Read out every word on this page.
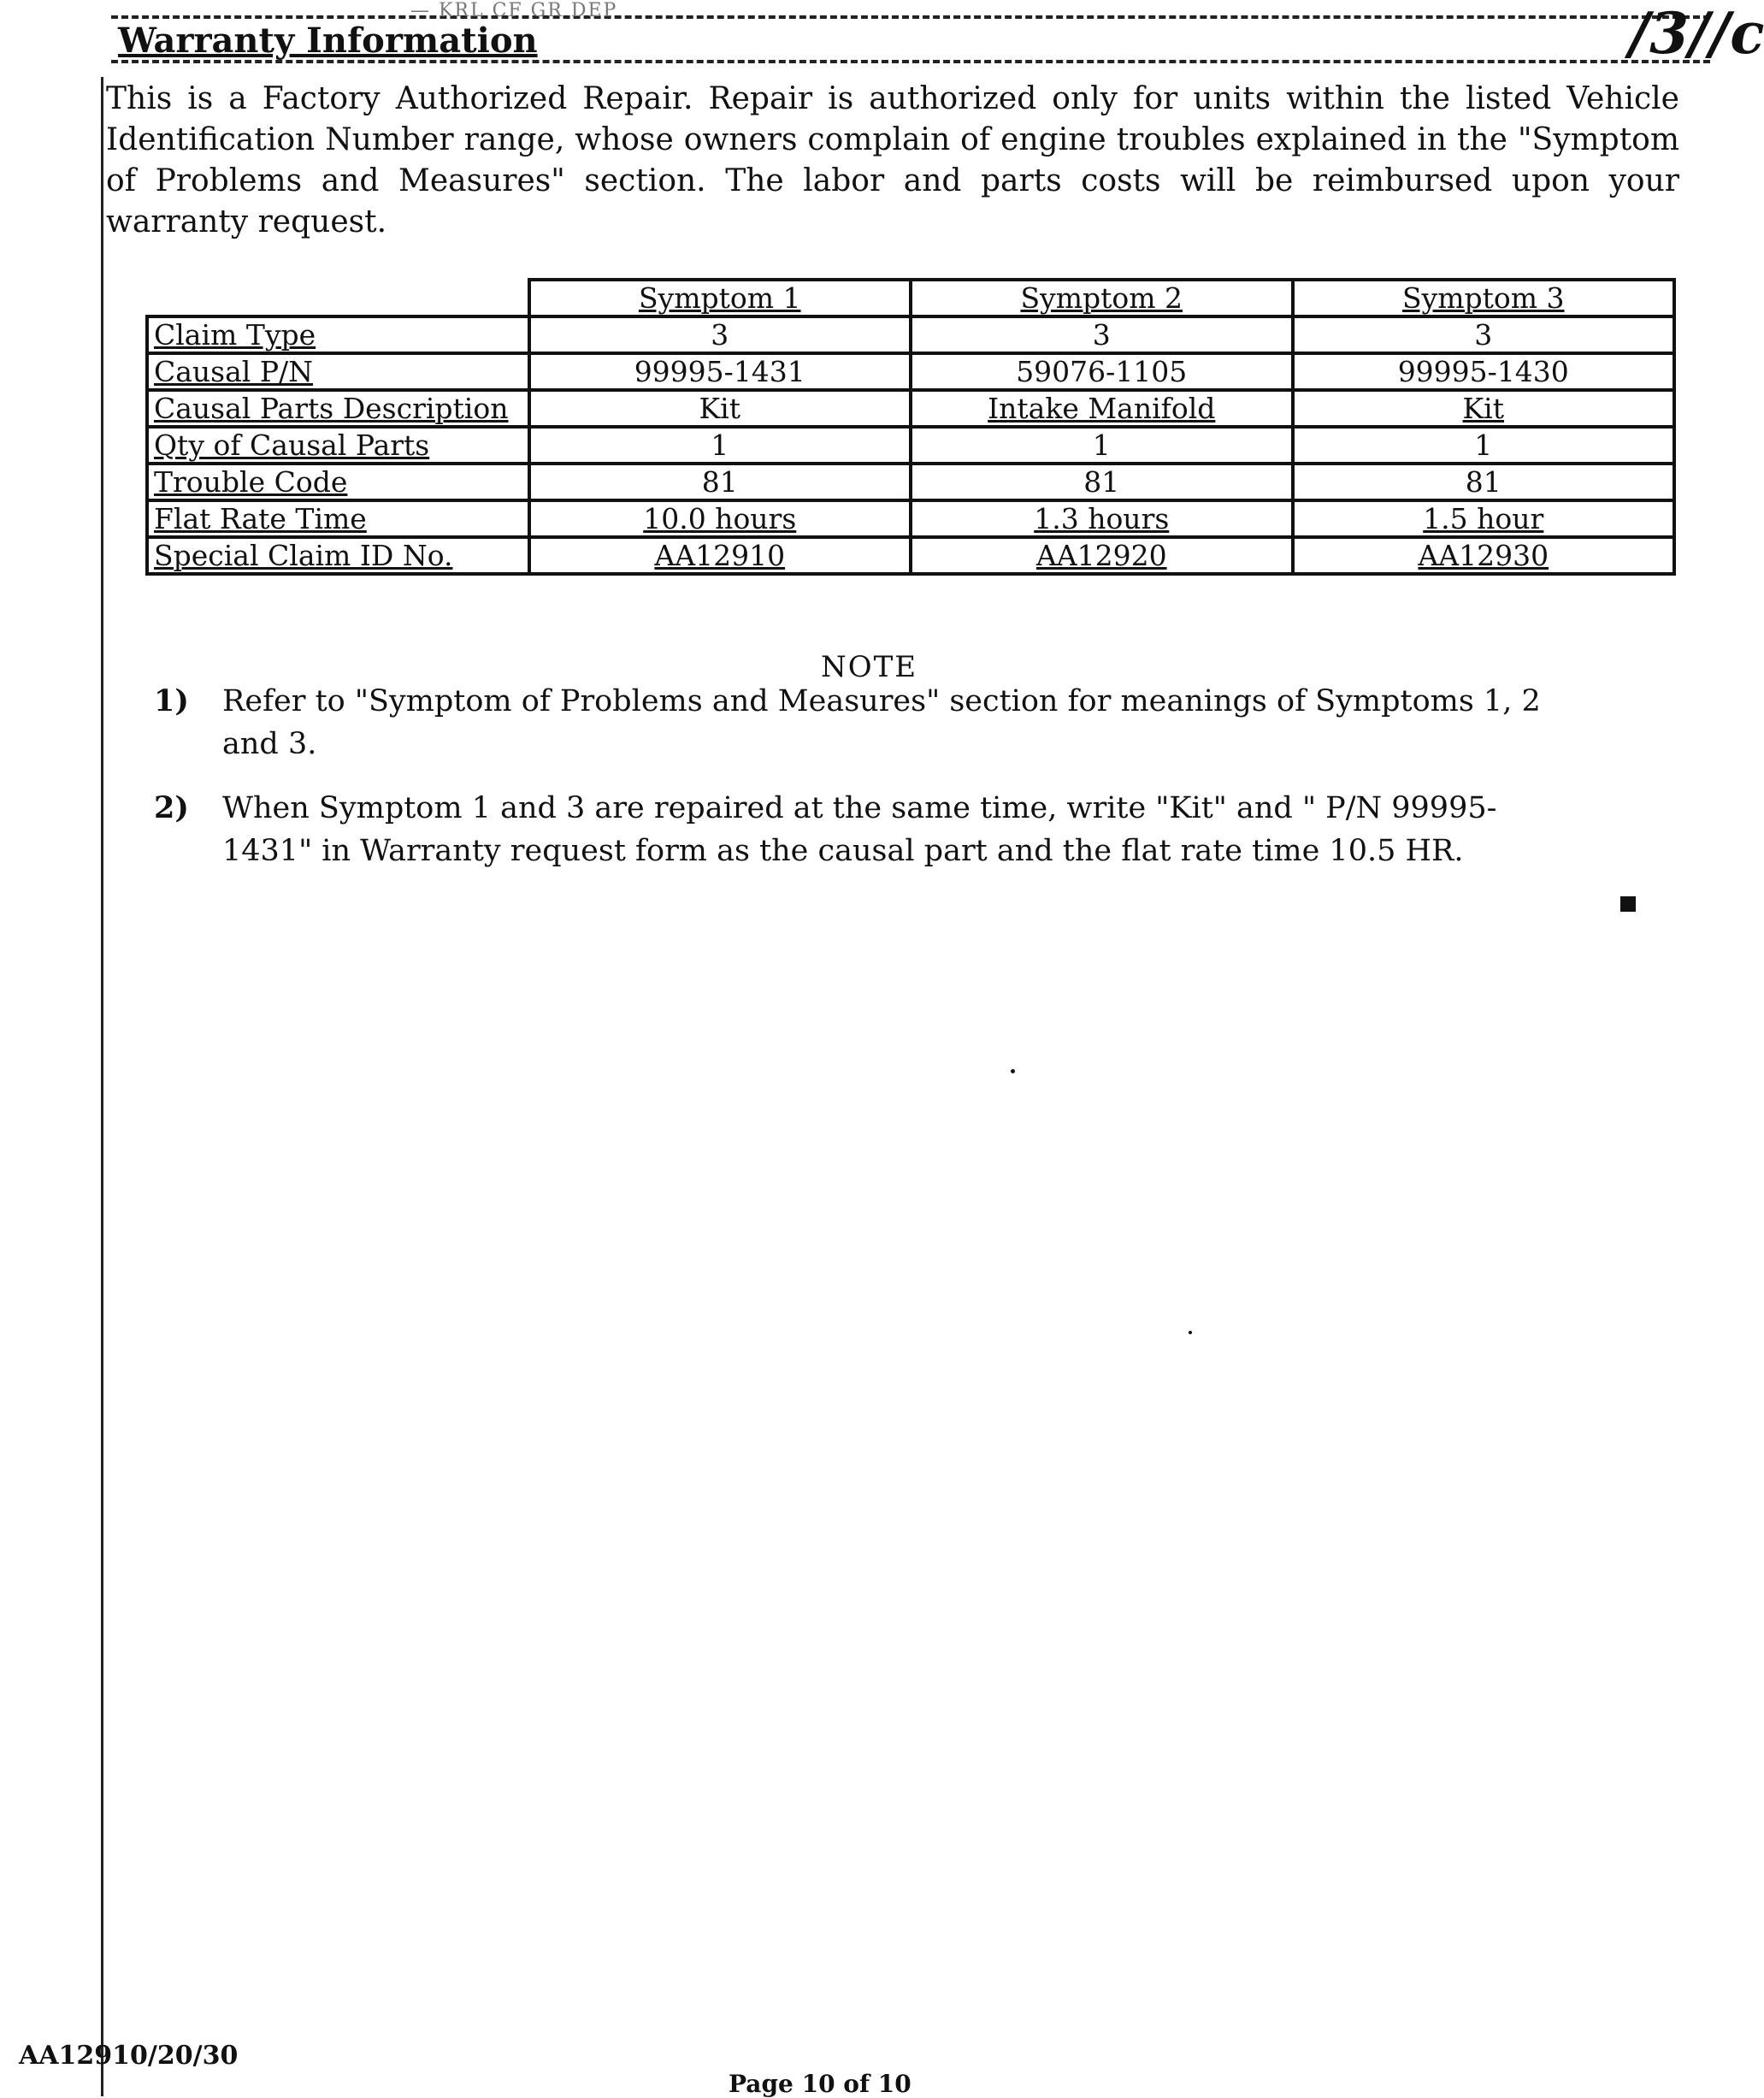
— KRL CF GR DEP
Warranty Information	/3//c
This is a Factory Authorized Repair. Repair is authorized only for units within the listed Vehicle Identification Number range, whose owners complain of engine troubles explained in the "Symptom of Problems and Measures" section. The labor and parts costs will be reimbursed upon your warranty request.
	Symptom 1	Symptom 2	Symptom 3
Claim Type	3	3	3
Causal P/N	99995-1431	59076-1105	99995-1430
Causal Parts Description	Kit	Intake Manifold	Kit
Qty of Causal Parts	1	1	1
Trouble Code	81	81	81
Flat Rate Time	10.0 hours	1.3 hours	1.5 hour
Special Claim ID No.	AA12910	AA12920	AA12930
NOTE
1) Refer to "Symptom of Problems and Measures" section for meanings of Symptoms 1, 2 and 3.
2) When Symptom 1 and 3 are repaired at the same time, write "Kit" and " P/N 99995-1431" in Warranty request form as the causal part and the flat rate time 10.5 HR.
AA12910/20/30
Page 10 of 10
